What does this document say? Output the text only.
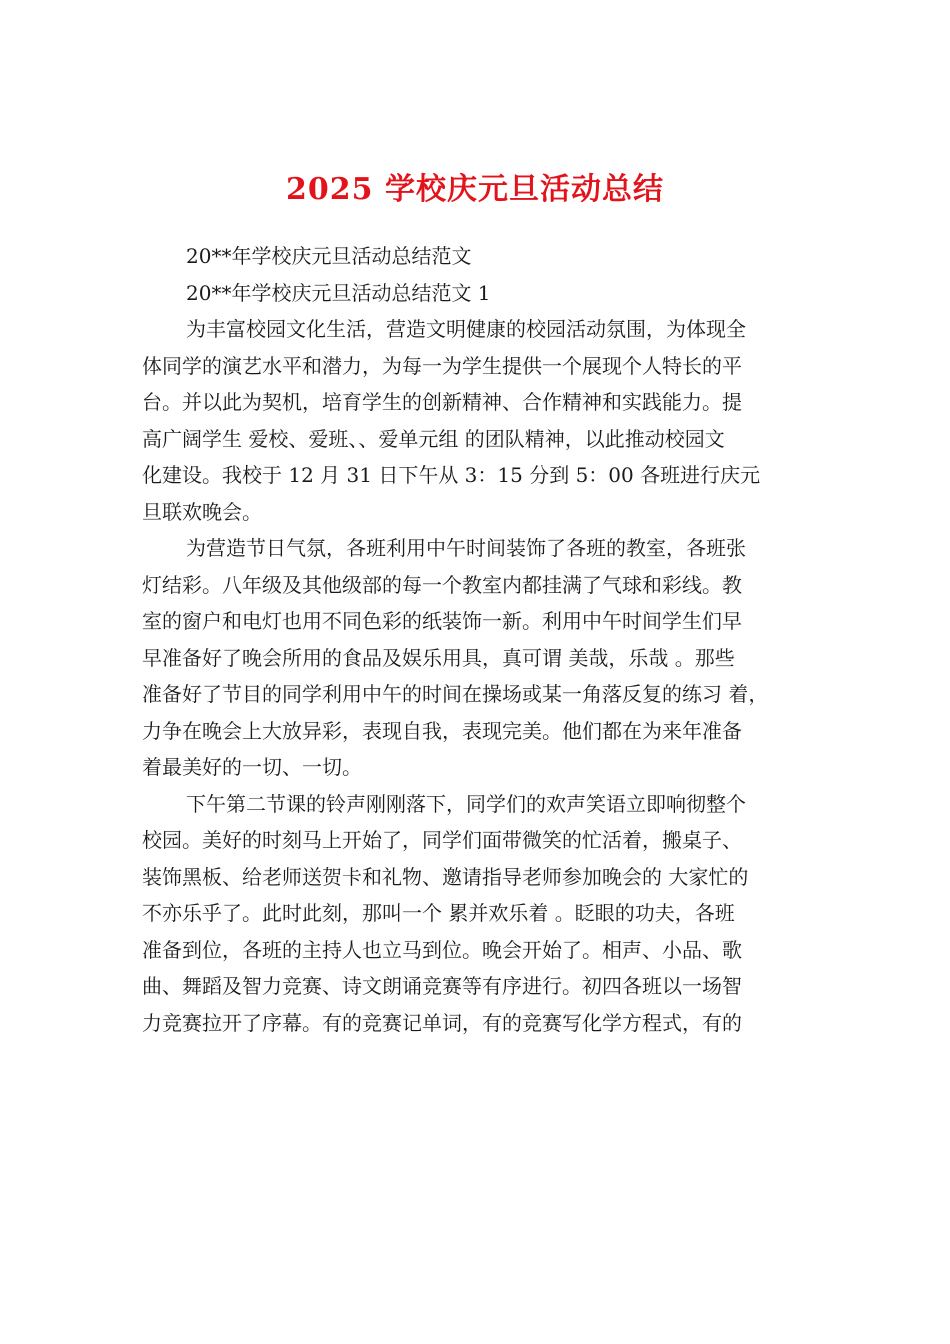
2025 学校庆元旦活动总结
20**年学校庆元旦活动总结范文
20**年学校庆元旦活动总结范文 1
为丰富校园文化生活，营造文明健康的校园活动氛围，为体现全
体同学的演艺水平和潜力，为每一为学生提供一个展现个人特长的平
台。并以此为契机，培育学生的创新精神、合作精神和实践能力。提
高广阔学生 爱校、爱班、、爱单元组 的团队精神，以此推动校园文
化建设。我校于 12 月 31 日下午从 3：15 分到 5：00 各班进行庆元
旦联欢晚会。
为营造节日气氛，各班利用中午时间装饰了各班的教室，各班张
灯结彩。八年级及其他级部的每一个教室内都挂满了气球和彩线。教
室的窗户和电灯也用不同色彩的纸装饰一新。利用中午时间学生们早
早准备好了晚会所用的食品及娱乐用具，真可谓 美哉，乐哉 。那些
准备好了节目的同学利用中午的时间在操场或某一角落反复的练习 着，
力争在晚会上大放异彩，表现自我，表现完美。他们都在为来年准备
着最美好的一切、一切。
下午第二节课的铃声刚刚落下，同学们的欢声笑语立即响彻整个
校园。美好的时刻马上开始了，同学们面带微笑的忙活着，搬桌子、
装饰黑板、给老师送贺卡和礼物、邀请指导老师参加晚会的 大家忙的
不亦乐乎了。此时此刻，那叫一个 累并欢乐着 。眨眼的功夫，各班
准备到位，各班的主持人也立马到位。晚会开始了。相声、小品、歌
曲、舞蹈及智力竞赛、诗文朗诵竞赛等有序进行。初四各班以一场智
力竞赛拉开了序幕。有的竞赛记单词，有的竞赛写化学方程式，有的
